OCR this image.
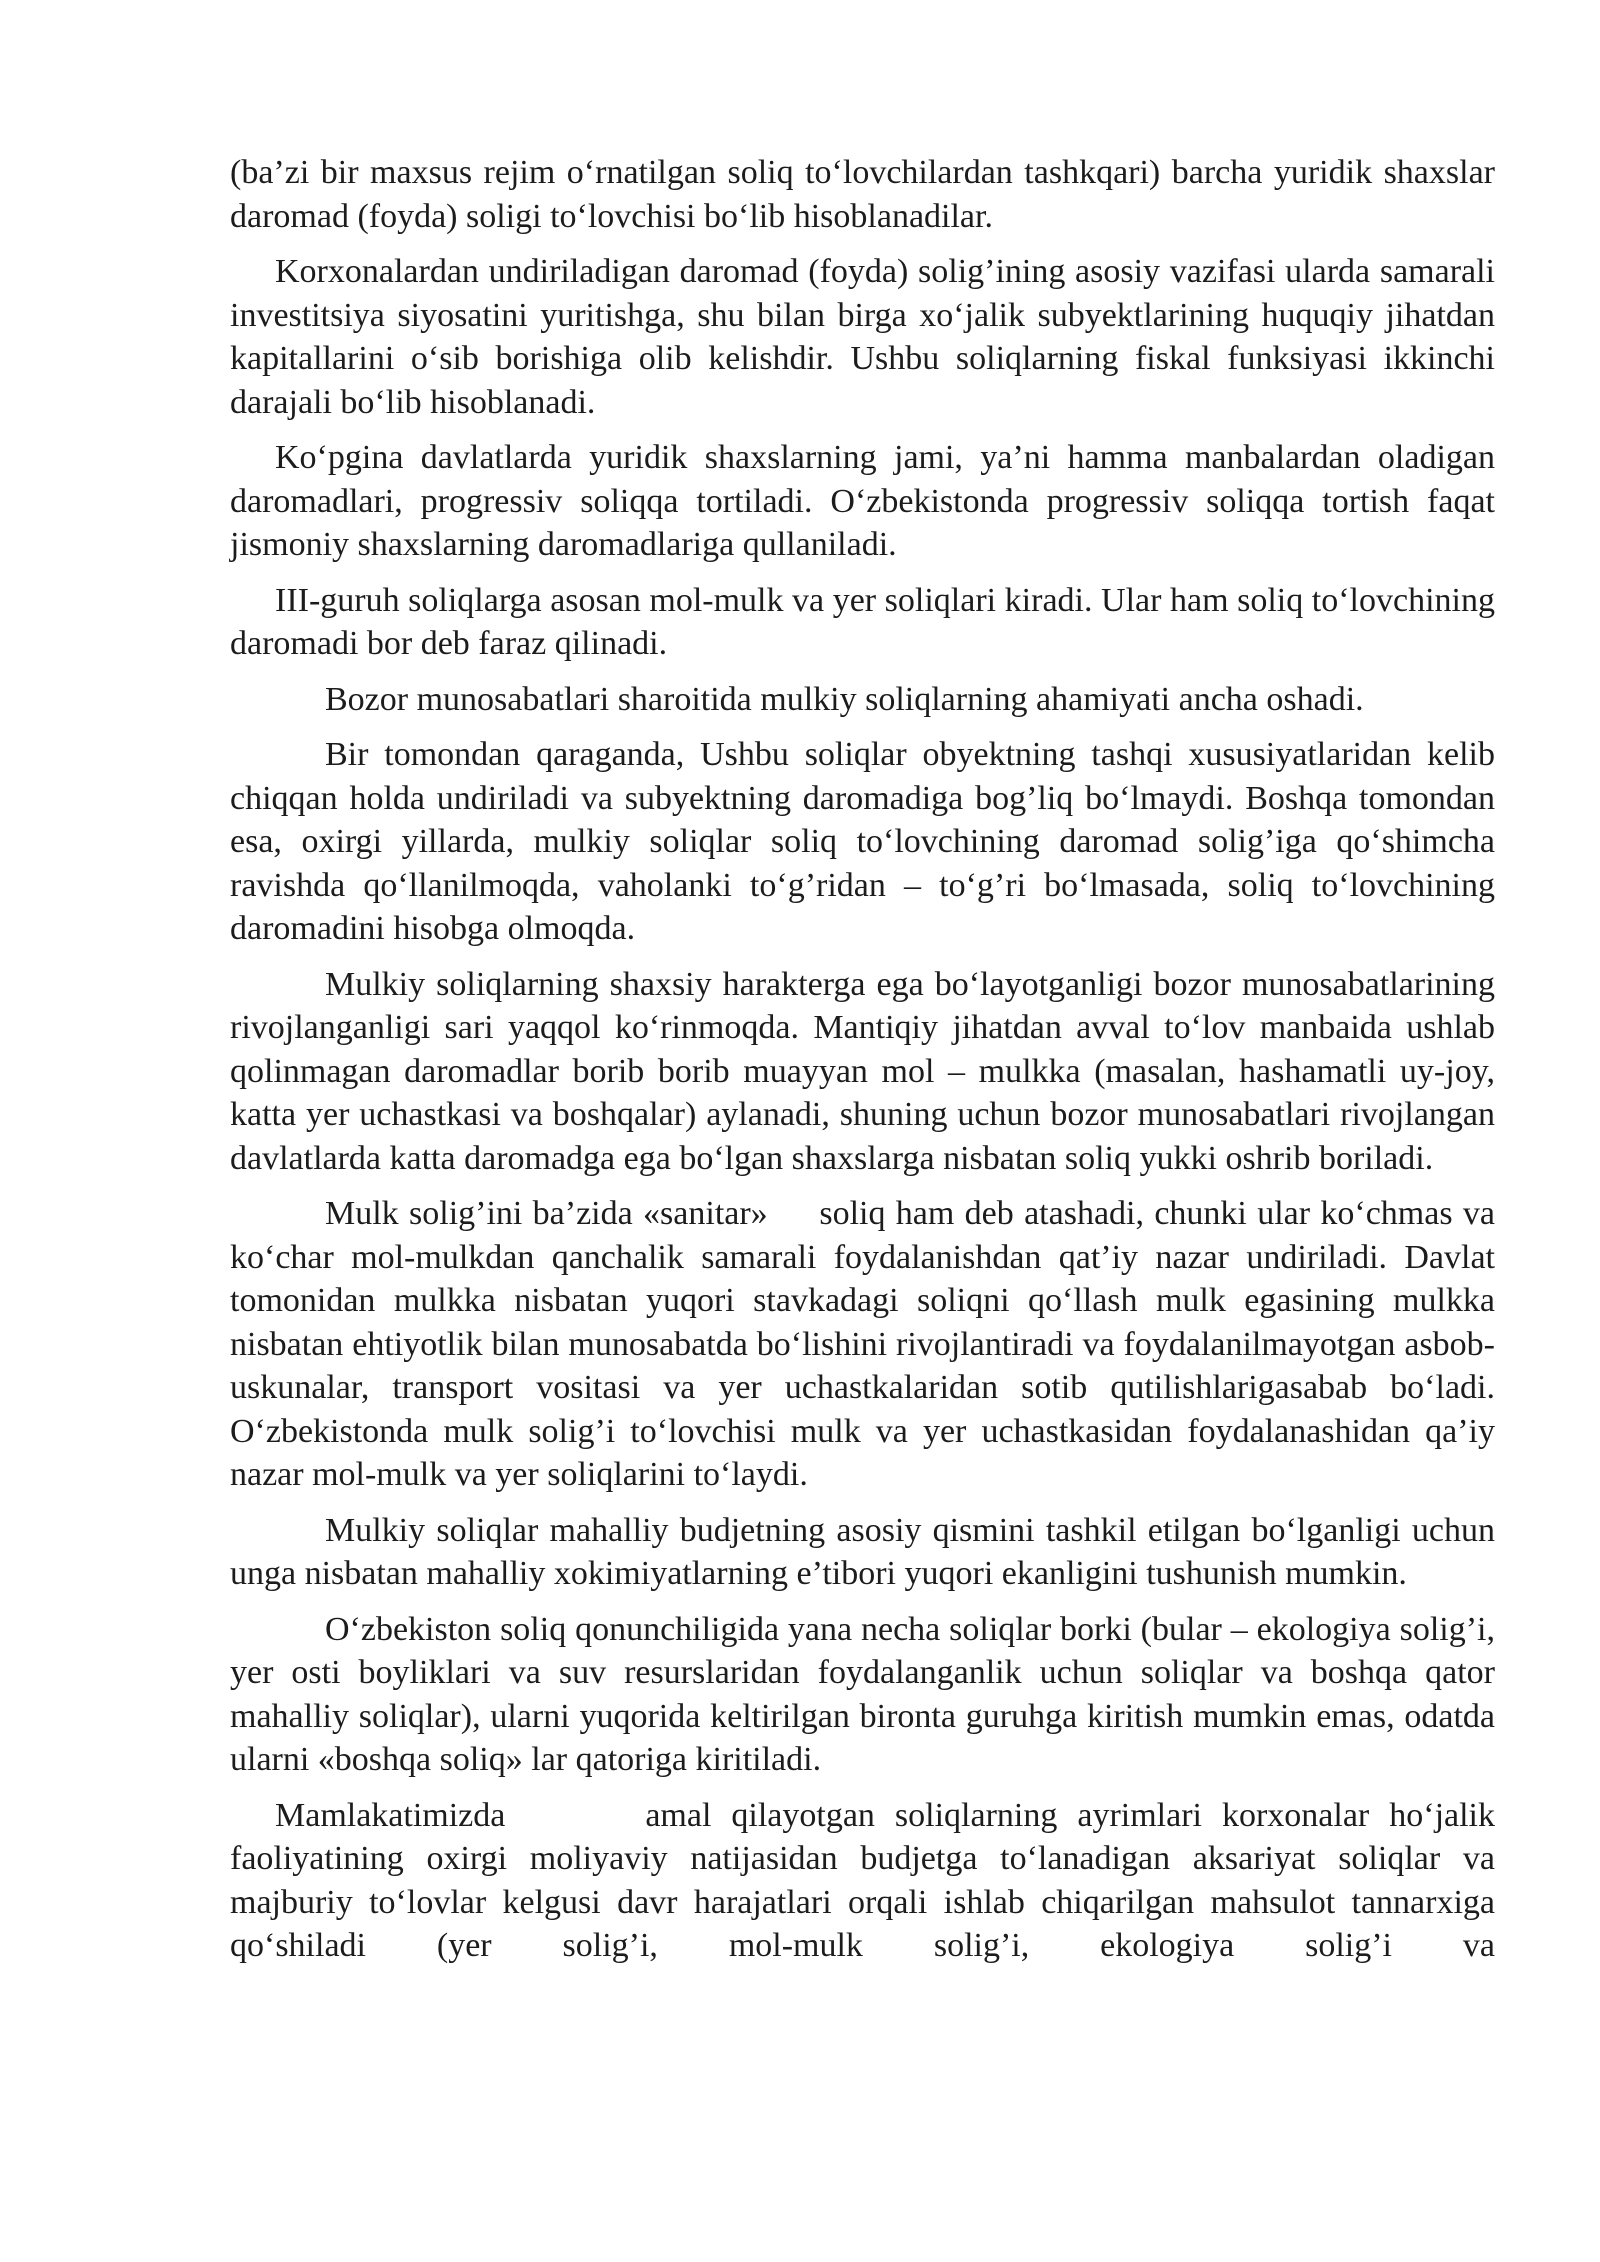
(ba’zi bir maxsus rejim o‘rnatilgan soliq to‘lovchilardan tashkqari) barcha yuridik shaxslar daromad (foyda) soligi to‘lovchisi bo‘lib hisoblanadilar.

Korxonalardan undiriladigan daromad (foyda) solig’ining asosiy vazifasi ularda samarali investitsiya siyosatini yuritishga, shu bilan birga xo‘jalik subyektlarining huquqiy jihatdan kapitallarini o‘sib borishiga olib kelishdir. Ushbu soliqlarning fiskal funksiyasi ikkinchi darajali bo‘lib hisoblanadi.

Ko‘pgina davlatlarda yuridik shaxslarning jami, ya’ni hamma manbalardan oladigan daromadlari, progressiv soliqqa tortiladi. O‘zbekistonda progressiv soliqqa tortish faqat jismoniy shaxslarning daromadlariga qullaniladi.

III-guruh soliqlarga asosan mol-mulk va yer soliqlari kiradi. Ular ham soliq to‘lovchining daromadi bor deb faraz qilinadi.

Bozor munosabatlari sharoitida mulkiy soliqlarning ahamiyati ancha oshadi.

Bir tomondan qaraganda, Ushbu soliqlar obyektning tashqi xususiyatlaridan kelib chiqqan holda undiriladi va subyektning daromadiga bog’liq bo‘lmaydi. Boshqa tomondan esa, oxirgi yillarda, mulkiy soliqlar soliq to‘lovchining daromad solig’iga qo‘shimcha ravishda qo‘llanilmoqda, vaholanki to‘g’ridan – to‘g’ri bo‘lmasada, soliq to‘lovchining daromadini hisobga olmoqda.

Mulkiy soliqlarning shaxsiy harakterga ega bo‘layotganligi bozor munosabatlarining rivojlanganligi sari yaqqol ko‘rinmoqda. Mantiqiy jihatdan avval to‘lov manbaida ushlab qolinmagan daromadlar borib borib muayyan mol – mulkka (masalan, hashamatli uy-joy, katta yer uchastkasi va boshqalar) aylanadi, shuning uchun bozor munosabatlari rivojlangan davlatlarda katta daromadga ega bo‘lgan shaxslarga nisbatan soliq yukki oshrib boriladi.

Mulk solig’ini ba’zida «sanitar»     soliq ham deb atashadi, chunki ular ko‘chmas va ko‘char mol-mulkdan qanchalik samarali foydalanishdan qat’iy nazar undiriladi. Davlat tomonidan mulkka nisbatan yuqori stavkadagi soliqni qo‘llash mulk egasining mulkka nisbatan ehtiyotlik bilan munosabatda bo‘lishini rivojlantiradi va foydalanilmayotgan asbob-uskunalar, transport vositasi va yer uchastkalaridan sotib qutilishlarigasabab bo‘ladi. O‘zbekistonda mulk solig’i to‘lovchisi mulk va yer uchastkasidan foydalanashidan qa’iy nazar mol-mulk va yer soliqlarini to‘laydi.

Mulkiy soliqlar mahalliy budjetning asosiy qismini tashkil etilgan bo‘lganligi uchun unga nisbatan mahalliy xokimiyatlarning e’tibori yuqori ekanligini tushunish mumkin.

O‘zbekiston soliq qonunchiligida yana necha soliqlar borki (bular – ekologiya solig’i, yer osti boyliklari va suv resurslaridan foydalanganlik uchun soliqlar va boshqa qator mahalliy soliqlar), ularni yuqorida keltirilgan bironta guruhga kiritish mumkin emas, odatda ularni «boshqa soliq» lar qatoriga kiritiladi.

Mamlakatimizda       amal qilayotgan soliqlarning ayrimlari korxonalar ho‘jalik faoliyatining oxirgi moliyaviy natijasidan budjetga to‘lanadigan aksariyat soliqlar va majburiy to‘lovlar kelgusi davr harajatlari orqali ishlab chiqarilgan mahsulot tannarxiga qo‘shiladi (yer solig’i, mol-mulk solig’i, ekologiya solig’i va
